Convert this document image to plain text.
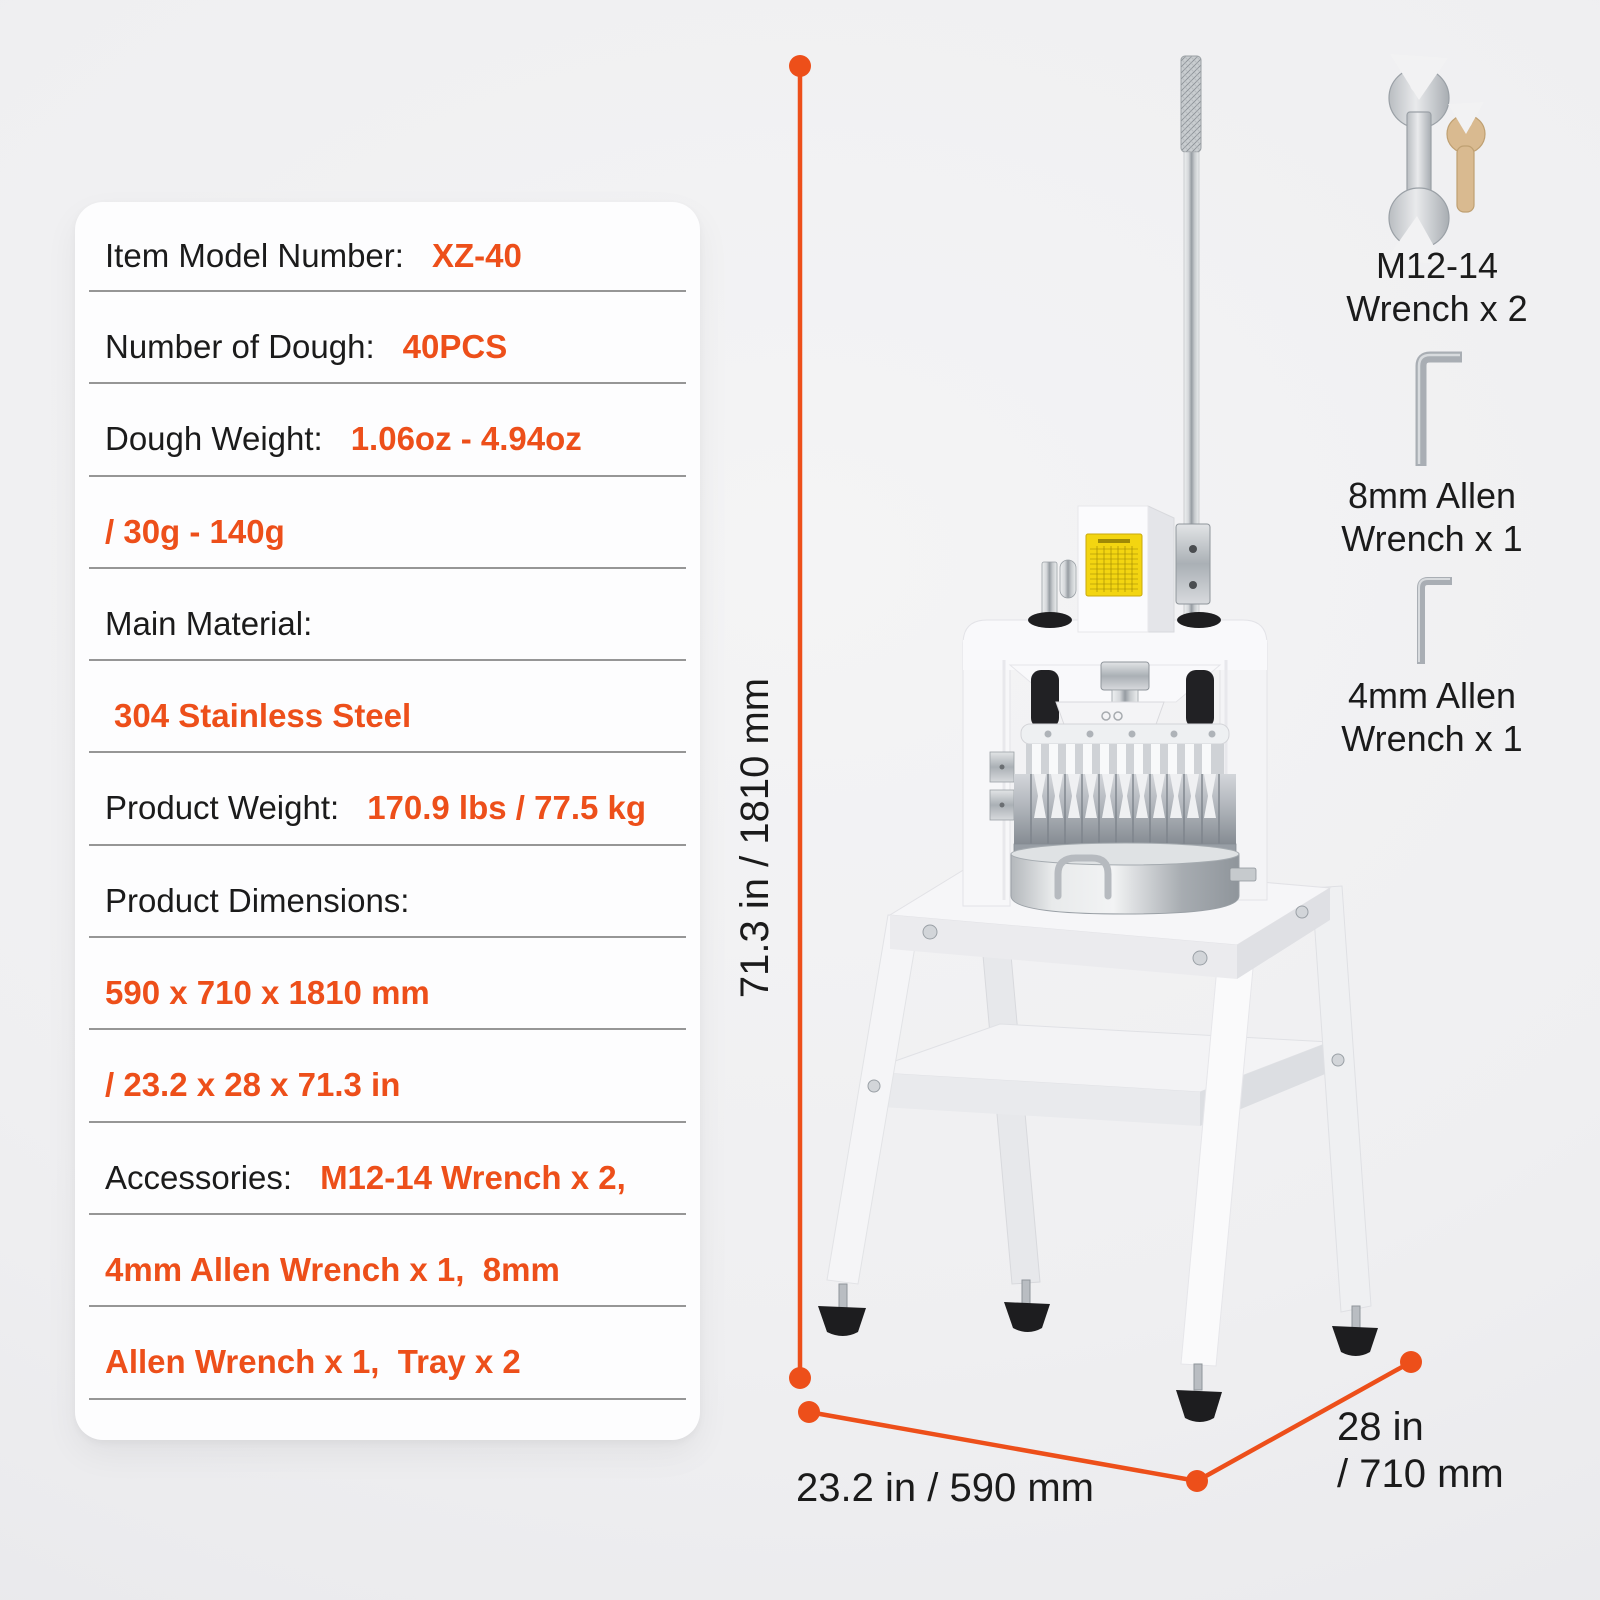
Item Model Number: XZ-40
Number of Dough: 40PCS
Dough Weight: 1.06oz - 4.94oz
/ 30g - 140g
Main Material:
304 Stainless Steel
Product Weight: 170.9 lbs / 77.5 kg
Product Dimensions:
590 x 710 x 1810 mm
/ 23.2 x 28 x 71.3 in
Accessories: M12-14 Wrench x 2,
4mm Allen Wrench x 1,  8mm
Allen Wrench x 1,  Tray x 2
71.3 in / 1810 mm
23.2 in / 590 mm
28 in
/ 710 mm
M12-14
Wrench x 2
8mm Allen
Wrench x 1
4mm Allen
Wrench x 1
